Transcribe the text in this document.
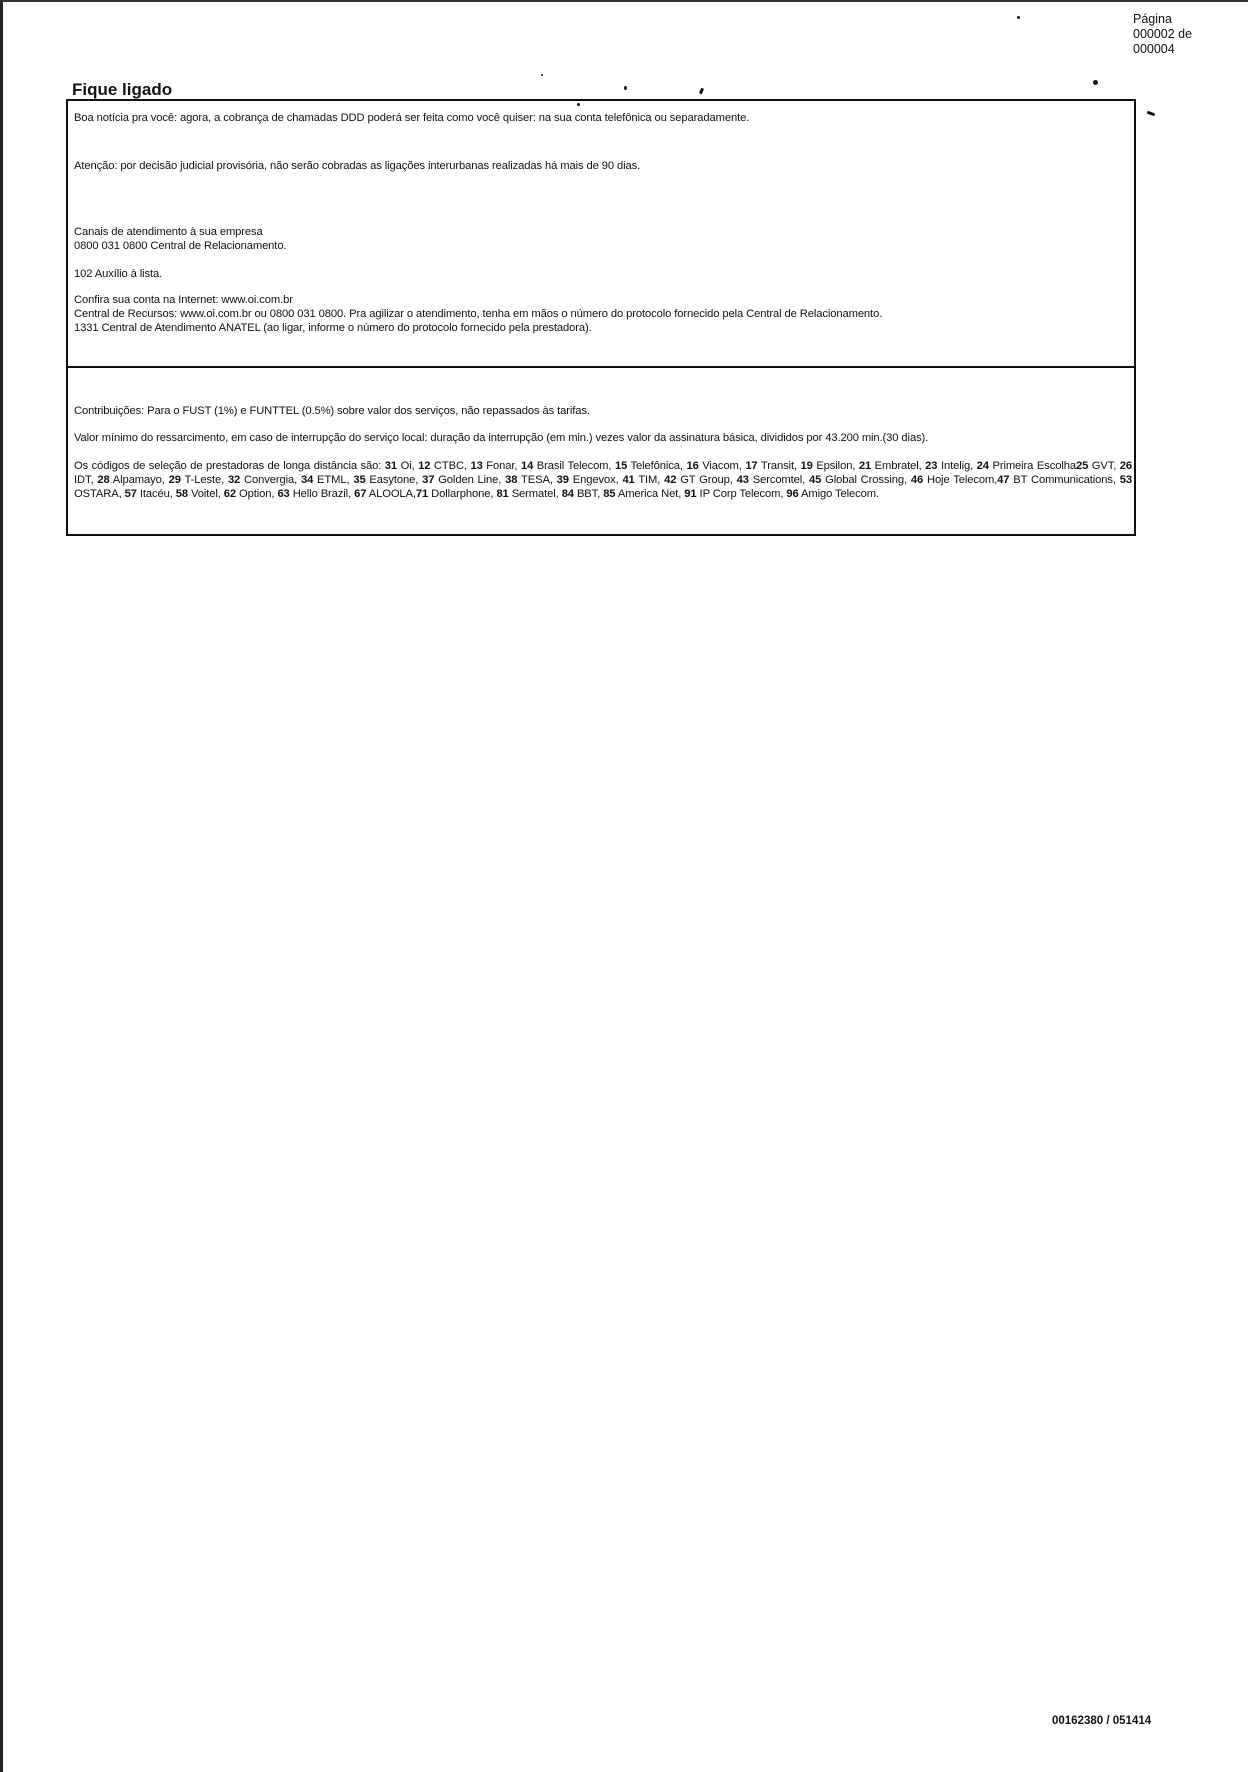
Página
000002 de
000004
Fique ligado

Boa notícia pra você: agora, a cobrança de chamadas DDD poderá ser feita como você quiser: na sua conta telefônica ou separadamente.

Atenção: por decisão judicial provisória, não serão cobradas as ligações interurbanas realizadas há mais de 90 dias.

Canais de atendimento à sua empresa

0800 031 0800 Central de Relacionamento.

102 Auxílio à lista.

Confira sua conta na Internet: www.oi.com.br

Central de Recursos: www.oi.com.br ou 0800 031 0800. Pra agilizar o atendimento, tenha em mãos o número do protocolo fornecido pela Central de Relacionamento.

1331 Central de Atendimento ANATEL (ao ligar, informe o número do protocolo fornecido pela prestadora).

Contribuições: Para o FUST (1%) e FUNTTEL (0.5%) sobre valor dos serviços, não repassados às tarifas.

Valor mínimo do ressarcimento, em caso de interrupção do serviço local: duração da interrupção (em min.) vezes valor da assinatura básica, divididos por 43.200 min.(30 dias).

Os códigos de seleção de prestadoras de longa distância são: 31 Oi, 12 CTBC, 13 Fonar, 14 Brasil Telecom, 15 Telefônica, 16 Viacom, 17 Transit, 19 Epsilon, 21 Embratel, 23 Intelig, 24 Primeira Escolha25 GVT, 26 IDT, 28 Alpamayo, 29 T-Leste, 32 Convergia, 34 ETML, 35 Easytone, 37 Golden Line, 38 TESA, 39 Engevox, 41 TIM, 42 GT Group, 43 Sercomtel, 45 Global Crossing, 46 Hoje Telecom,47 BT Communications, 53 OSTARA, 57 Itacéu, 58 Voitel, 62 Option, 63 Hello Brazil, 67 ALOOLA,71 Dollarphone, 81 Sermatel, 84 BBT, 85 America Net, 91 IP Corp Telecom, 96 Amigo Telecom.

00162380 / 051414
